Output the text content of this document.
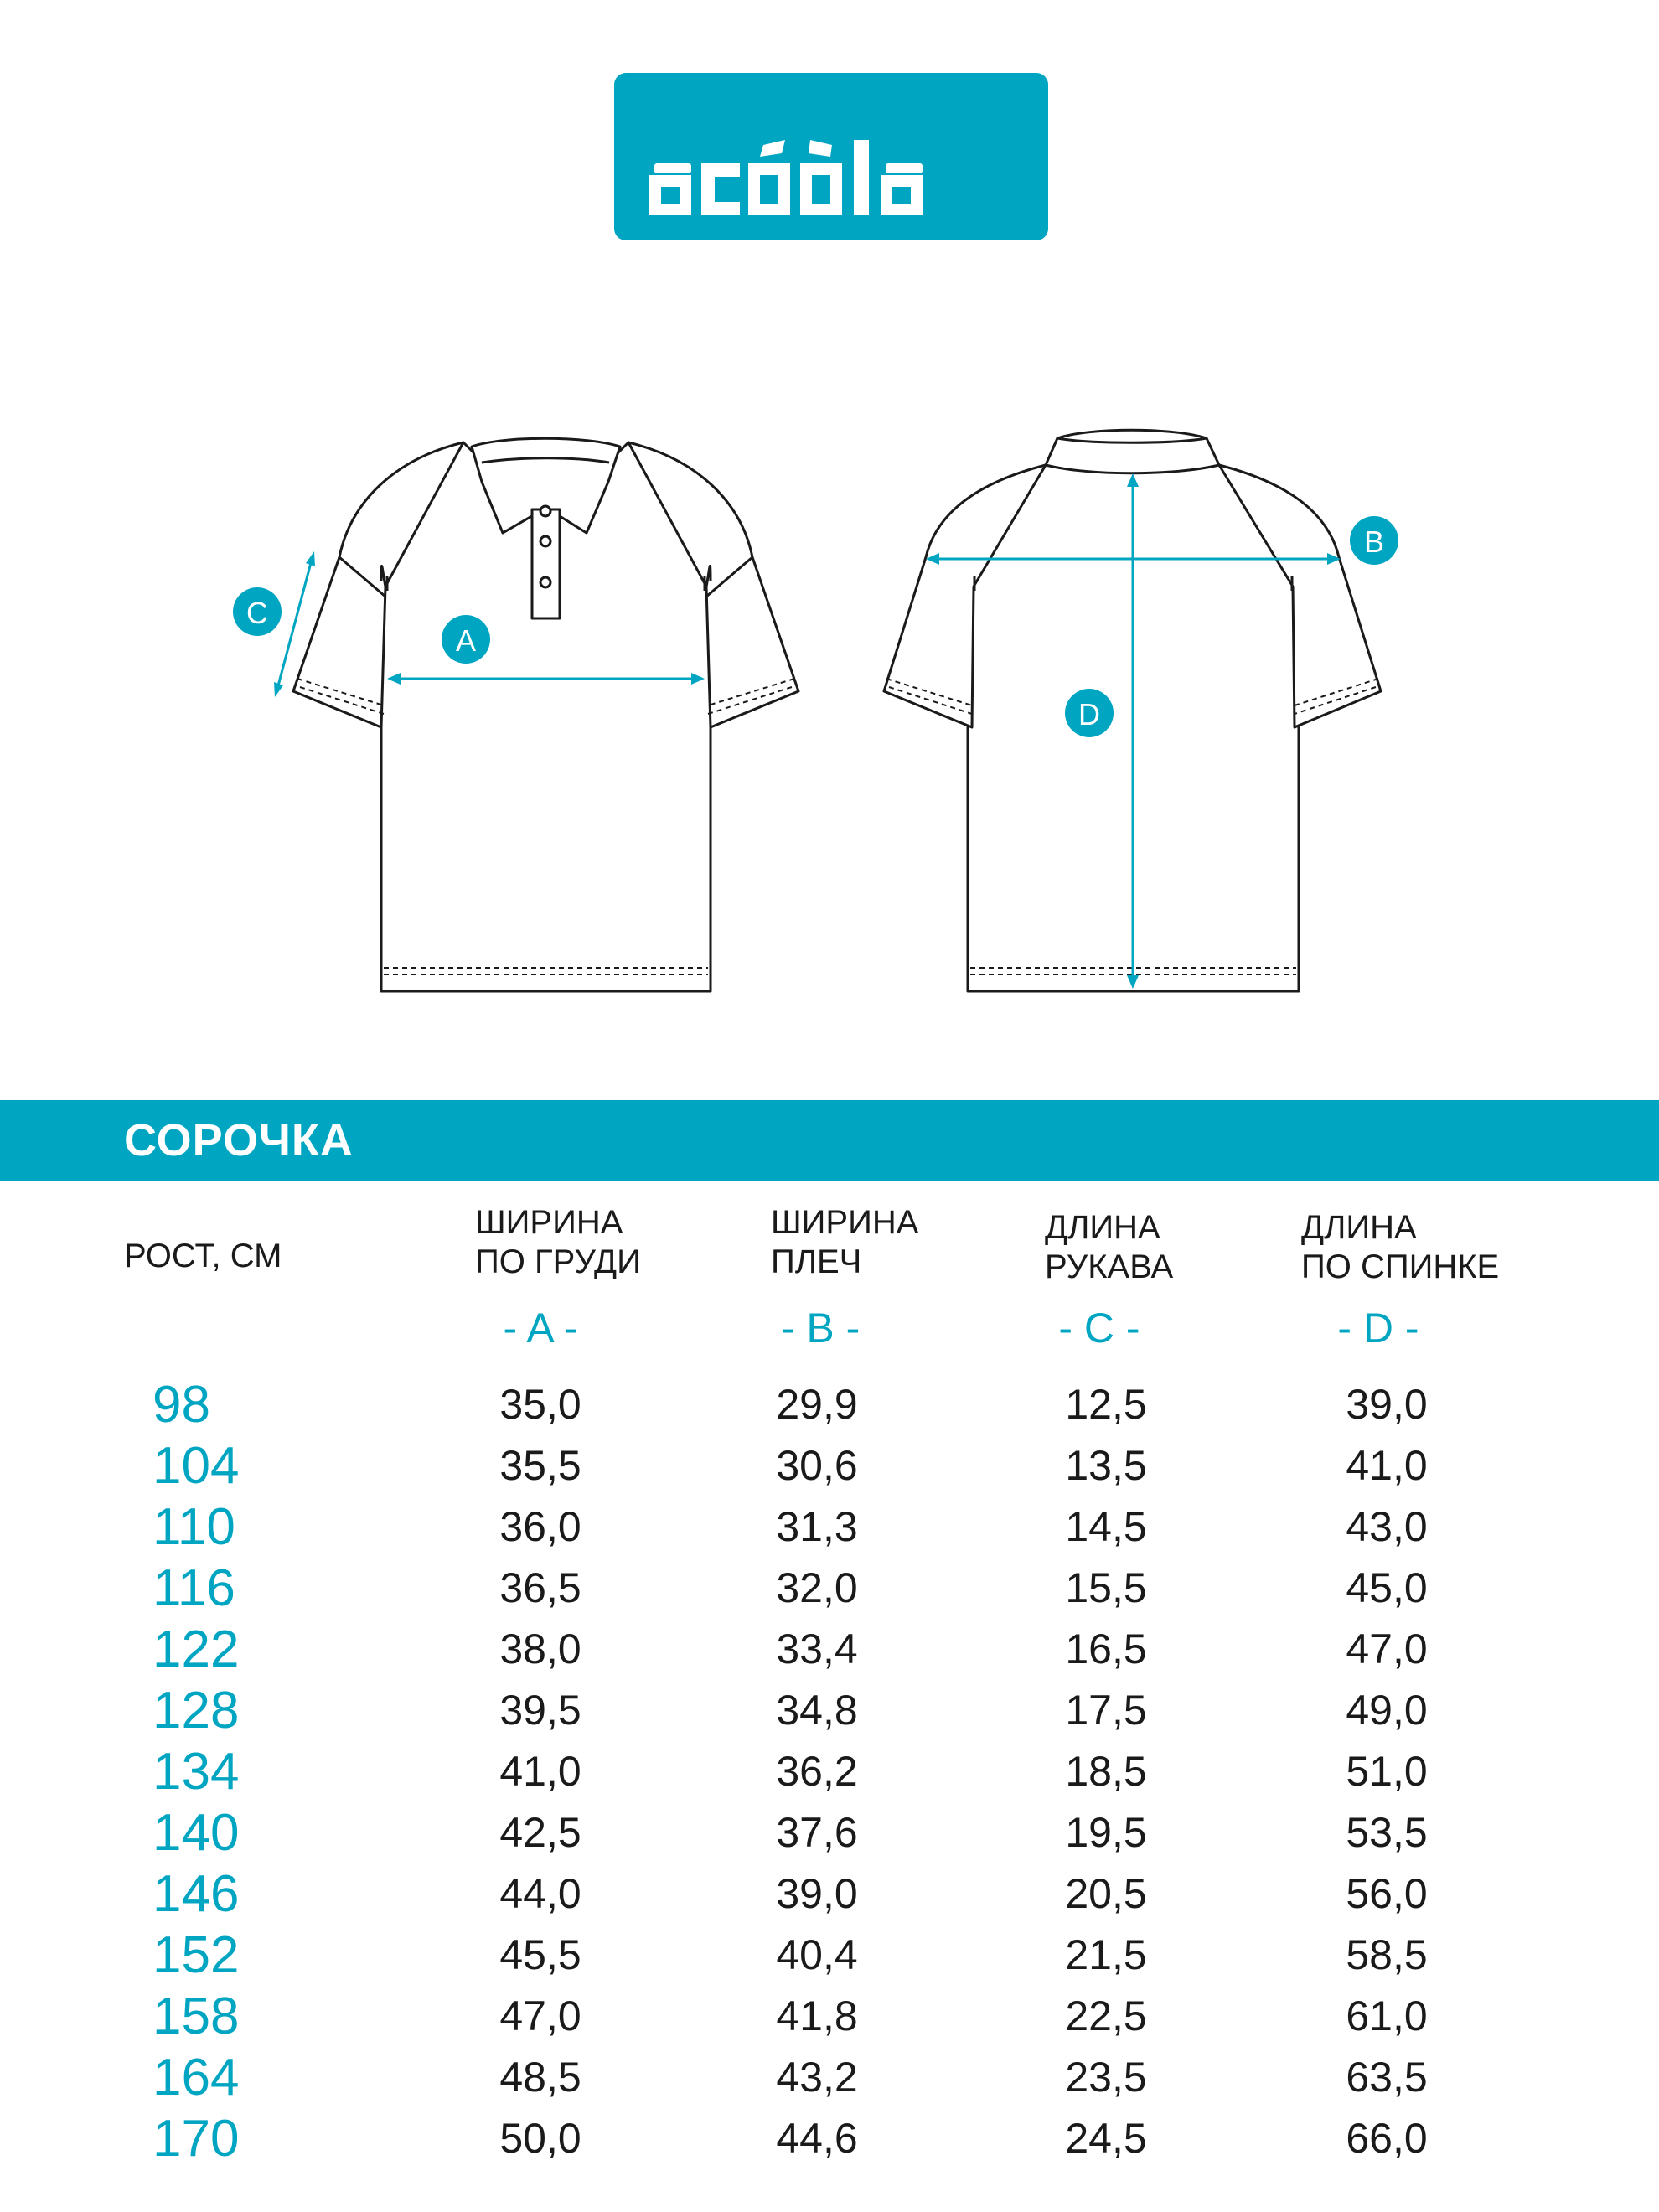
A
C
B
D
СОРОЧКА
РОСТ, СМ
ШИРИНА
ПО ГРУДИ
ШИРИНА
ПЛЕЧ
ДЛИНА
РУКАВА
ДЛИНА
ПО СПИНКЕ
- A -	- B -	- C -	- D -
98	35,0	29,9	12,5	39,0
104	35,5	30,6	13,5	41,0
110	36,0	31,3	14,5	43,0
116	36,5	32,0	15,5	45,0
122	38,0	33,4	16,5	47,0
128	39,5	34,8	17,5	49,0
134	41,0	36,2	18,5	51,0
140	42,5	37,6	19,5	53,5
146	44,0	39,0	20,5	56,0
152	45,5	40,4	21,5	58,5
158	47,0	41,8	22,5	61,0
164	48,5	43,2	23,5	63,5
170	50,0	44,6	24,5	66,0
